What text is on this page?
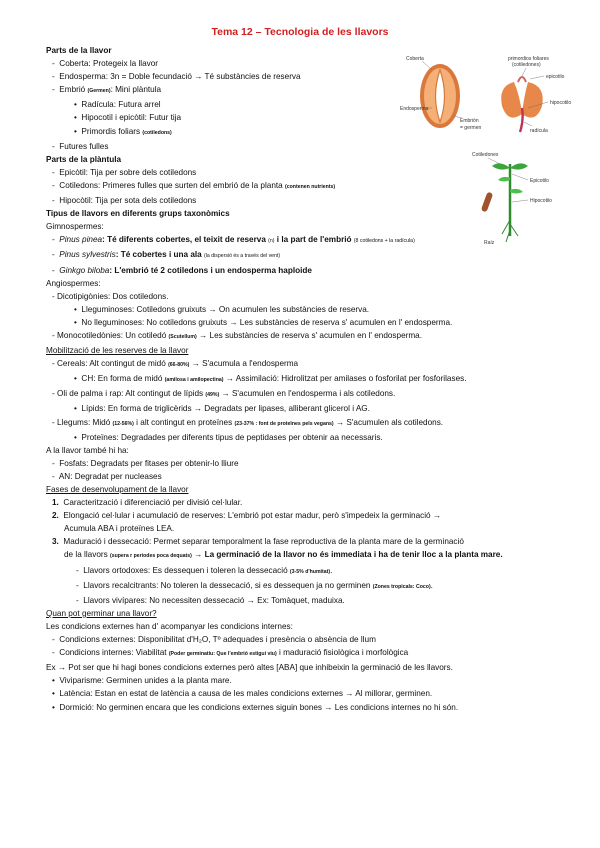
Tema 12 – Tecnologia de les llavors
Coberta
Endosperma
Embrión
= germen
primordios foliares
(cotiledones)
epicotilo
hipocotilo
radícula
Cotiledones
Epicotilo
Hipocotilo
Raíz
Parts de la llavor
-  Coberta: Protegeix la llavor
-  Endosperma: 3n = Doble fecundació → Té substàncies de reserva
-  Embrió (Germen): Mini plàntula
•  Radícula: Futura arrel
•  Hipocotil i epicòtil: Futur tija
•  Primordis foliars (cotiledons)
-  Futures fulles
Parts de la plàntula
-  Epicòtil: Tija per sobre dels cotiledons
-  Cotiledons: Primeres fulles que surten del embrió de la planta (contenen nutrients)
-  Hipocòtil: Tija per sota dels cotiledons
Tipus de llavors en diferents grups taxonòmics
Gimnospermes:
-  Pinus pinea: Té diferents cobertes, el teixit de reserva (n) i la part de l'embrió (8 cotiledons + la radícula)
-  Pinus sylvestris: Té cobertes i una ala (la dispersió és a través del vent)
-  Ginkgo biloba: L'embrió té 2 cotiledons i un endosperma haploide
Angiospermes:
- Dicotipigònies: Dos cotiledons.
•  Lleguminoses: Cotiledons gruixuts → On acumulen les substàncies de reserva.
•  No lleguminoses: No cotiledons gruixuts → Les substàncies de reserva s' acumulen en l' endosperma.
- Monocotiledònies: Un cotiledó (Scutellum) → Les substàncies de reserva s' acumulen en l' endosperma.
Mobilització de les reserves de la llavor
- Cereals: Alt contingut de midó (66-80%) → S'acumula a l'endosperma
•  CH: En forma de midó (amilosa i amilopectina) → Assimilació: Hidrolitzat per amilases o fosforilat per fosforilases.
- Oli de palma i rap: Alt contingut de lípids (49%) → S'acumulen en l'endosperma i als cotiledons.
•  Lípids: En forma de triglicèrids → Degradats per lipases, alliberant glicerol i AG.
- Llegums: Midó (12-56%) i alt contingut en proteïnes (23-37% : font de proteïnes pels vegans) → S'acumulen als cotiledons.
•  Proteïnes: Degradades per diferents tipus de peptidases per obtenir aa necessaris.
A la llavor també hi ha:
-  Fosfats: Degradats per fitases per obtenir-lo lliure
-  AN: Degradat per nucleases
Fases de desenvolupament de la llavor
1. Caracterització i diferenciació per divisió cel·lular.
2. Elongació cel·lular i acumulació de reserves: L'embrió pot estar madur, però s'impedeix la germinació →
Acumula ABA i proteïnes LEA.
3. Maduració i dessecació: Permet separar temporalment la fase reproductiva de la planta mare de la germinació
de la llavors (supera r periodes poca dequats) → La germinació de la llavor no és immediata i ha de tenir lloc a la planta mare.
-  Llavors ortodoxes: Es dessequen i toleren la dessecació (3-5% d'humitat).
-  Llavors recalcitrants: No toleren la dessecació, si es dessequen ja no germinen (Zones tropicals: Coco).
-  Llavors vivípares: No necessiten dessecació → Ex: Tomàquet, maduixa.
Quan pot germinar una llavor?
Les condicions externes han d' acompanyar les condicions internes:
-  Condicions externes: Disponibilitat d'H₂O, Tº adequades i presència o absència de llum
-  Condicions internes: Viabilitat (Poder germinatiu: Que l'embrió estigui viu) i maduració fisiològica i morfològica
Ex → Pot ser que hi hagi bones condicions externes però altes [ABA] que inhibeixin la germinació de les llavors.
•  Viviparisme: Germinen unides a la planta mare.
•  Latència: Estan en estat de latència a causa de les males condicions externes → Al millorar, germinen.
•  Dormició: No germinen encara que les condicions externes siguin bones → Les condicions internes no hi són.
